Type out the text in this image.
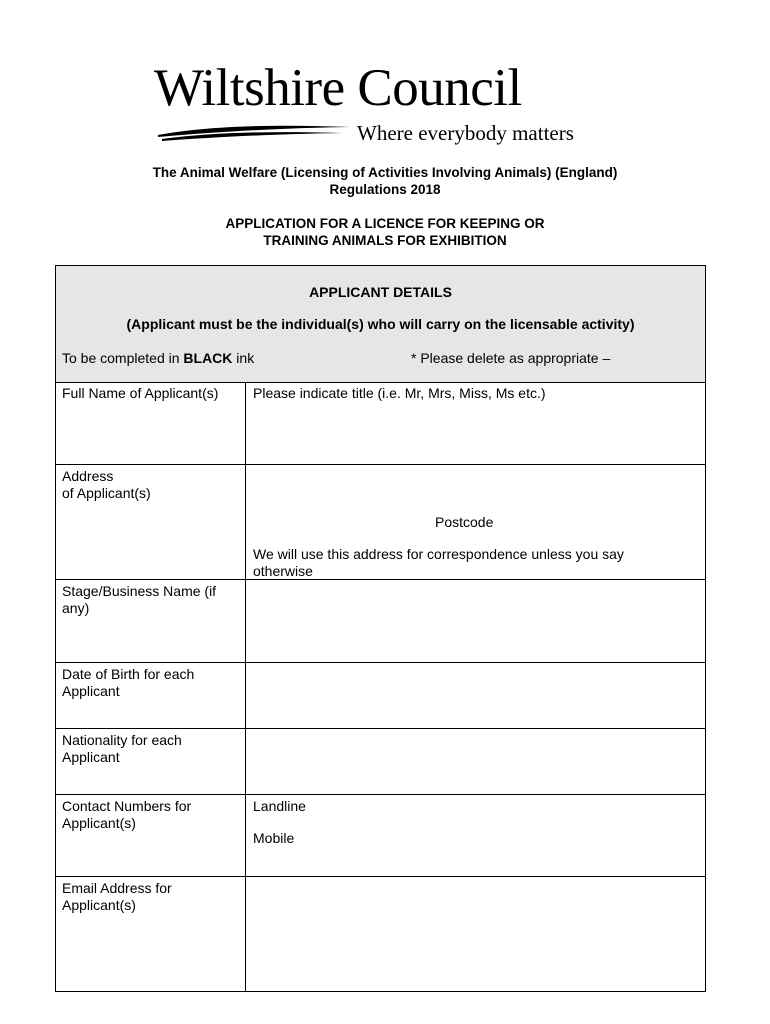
Wiltshire Council
Where everybody matters
The Animal Welfare (Licensing of Activities Involving Animals) (England)
Regulations 2018
APPLICATION FOR A LICENCE FOR KEEPING OR
TRAINING ANIMALS FOR EXHIBITION
APPLICANT DETAILS
(Applicant must be the individual(s) who will carry on the licensable activity)
To be completed in BLACK ink	* Please delete as appropriate –
Full Name of Applicant(s)	Please indicate title (i.e. Mr, Mrs, Miss, Ms etc.)
Address
of Applicant(s)
Postcode
We will use this address for correspondence unless you say
otherwise
Stage/Business Name (if
any)
Date of Birth for each
Applicant
Nationality for each
Applicant
Contact Numbers for
Applicant(s)
Landline
Mobile
Email Address for
Applicant(s)
